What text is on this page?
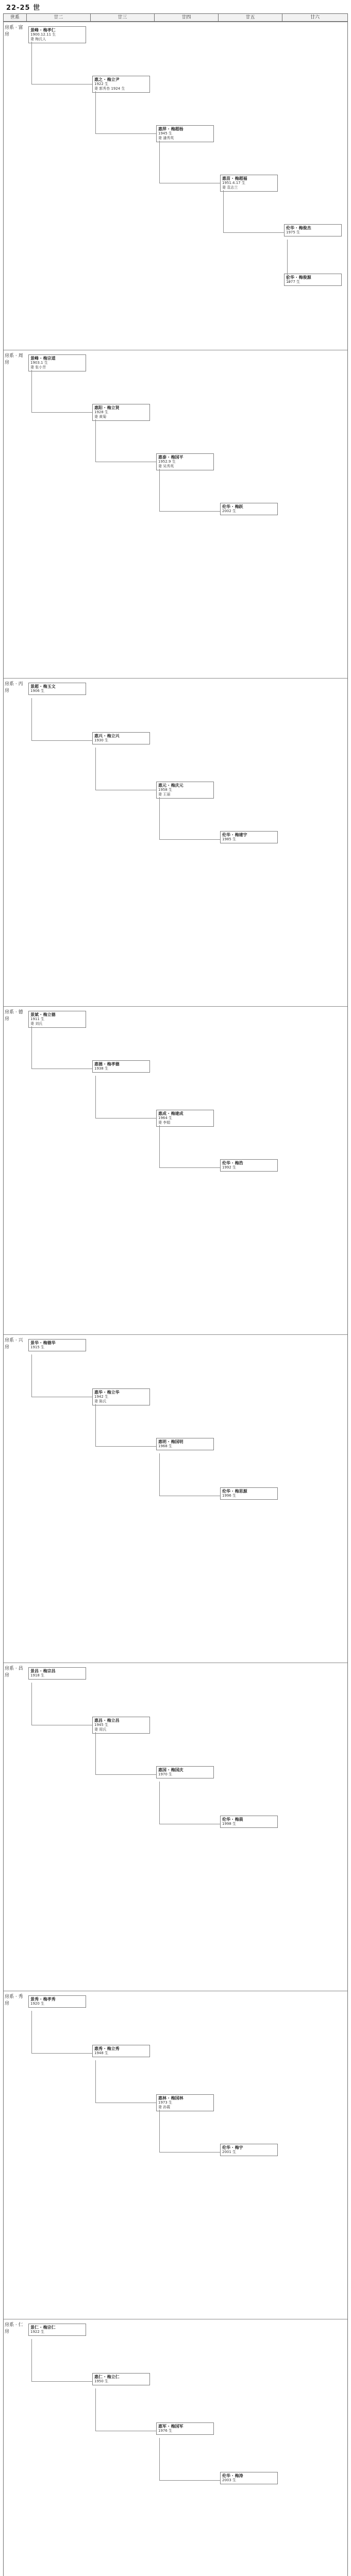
22-25 世
世系	廿二	廿三	廿四	廿五	廿六
房系 · 富房
景峰 · 梅孝仁
1900.12.11 生
妻 梅氏人
惠之 · 梅立尹
1922 生
妻 郭秀杏 1924 生
惠萍 · 梅超杨
1945 生
妻 潘秀英
惠苗 · 梅超福
1951.4.17 生
妻 袁志兰
伦华 · 梅俊杰
1975 生
伦华 · 梅俊源
1977 生
房系 · 周房
景峰 · 梅宗道
1903.1 生
妻 张小芳
惠阳 · 梅立贤
1928 生
妻 黄菊
惠泰 · 梅国平
1952.9 生
妻 吴秀英
伦华 · 梅跃
2002 生
房系 · 丙房
景超 · 梅玉文
1906 生
惠兴 · 梅立兴
1930 生
惠元 · 梅庆元
1958 生
妻 王丽
伦华 · 梅建宇
1985 生
房系 · 德房
景斌 · 梅立德
1911 生
妻 刘氏
惠德 · 梅孝德
1938 生
惠成 · 梅建成
1964 生
妻 李娟
伦华 · 梅浩
1992 生
房系 · 兴房
景华 · 梅德华
1915 生
惠华 · 梅立华
1942 生
妻 陈氏
惠明 · 梅国明
1968 生
伦华 · 梅思源
1996 生
房系 · 昌房
景昌 · 梅宗昌
1918 生
惠昌 · 梅立昌
1945 生
妻 周氏
惠国 · 梅国庆
1970 生
伦华 · 梅晨
1998 生
房系 · 秀房
景秀 · 梅孝秀
1920 生
惠秀 · 梅立秀
1948 生
惠林 · 梅国林
1973 生
妻 孙霞
伦华 · 梅宇
2001 生
房系 · 仁房
景仁 · 梅宗仁
1922 生
惠仁 · 梅立仁
1950 生
惠军 · 梅国军
1976 生
伦华 · 梅涛
2003 生
